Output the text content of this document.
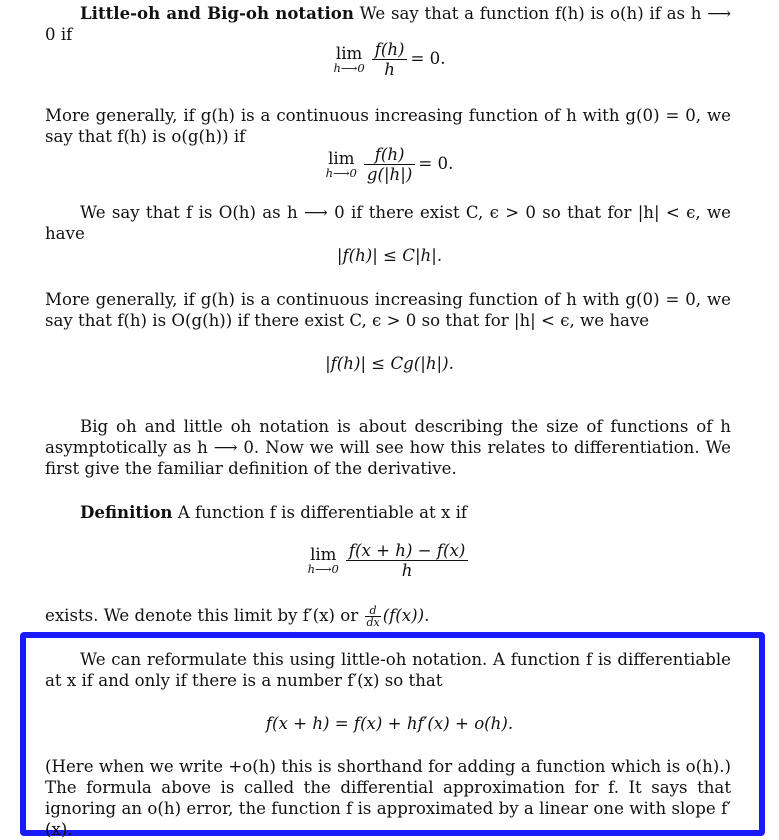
Little-oh and Big-oh notation We say that a function f(h) is o(h) if as h ⟶ 0 if

lim
h⟶0 $\frac{f(h)}{h} = 0$.

More generally, if g(h) is a continuous increasing function of h with g(0) = 0, we say that f(h) is o(g(h)) if

lim
h⟶0 $\frac{f(h)}{g(|h|)} = 0$.

We say that f is O(h) as h ⟶ 0 if there exist C, ϵ > 0 so that for |h| < ϵ, we have

|f(h)| ≤ C|h|.

More generally, if g(h) is a continuous increasing function of h with g(0) = 0, we say that f(h) is O(g(h)) if there exist C, ϵ > 0 so that for |h| < ϵ, we have

|f(h)| ≤ Cg(|h|).

Big oh and little oh notation is about describing the size of functions of h asymptotically as h ⟶ 0. Now we will see how this relates to differentiation. We first give the familiar definition of the derivative.

Definition A function f is differentiable at x if

lim
h⟶0 $\frac{f(x + h) - f(x)}{h}$

exists. We denote this limit by f′(x) or $\frac{d}{dx} (f(x))$.

We can reformulate this using little-oh notation. A function f is differentiable at x if and only if there is a number f′(x) so that

f(x + h) = f(x) + hf′(x) + o(h).

(Here when we write +o(h) this is shorthand for adding a function which is o(h).) The formula above is called the differential approximation for f. It says that ignoring an o(h) error, the function f is approximated by a linear one with slope f′(x).
